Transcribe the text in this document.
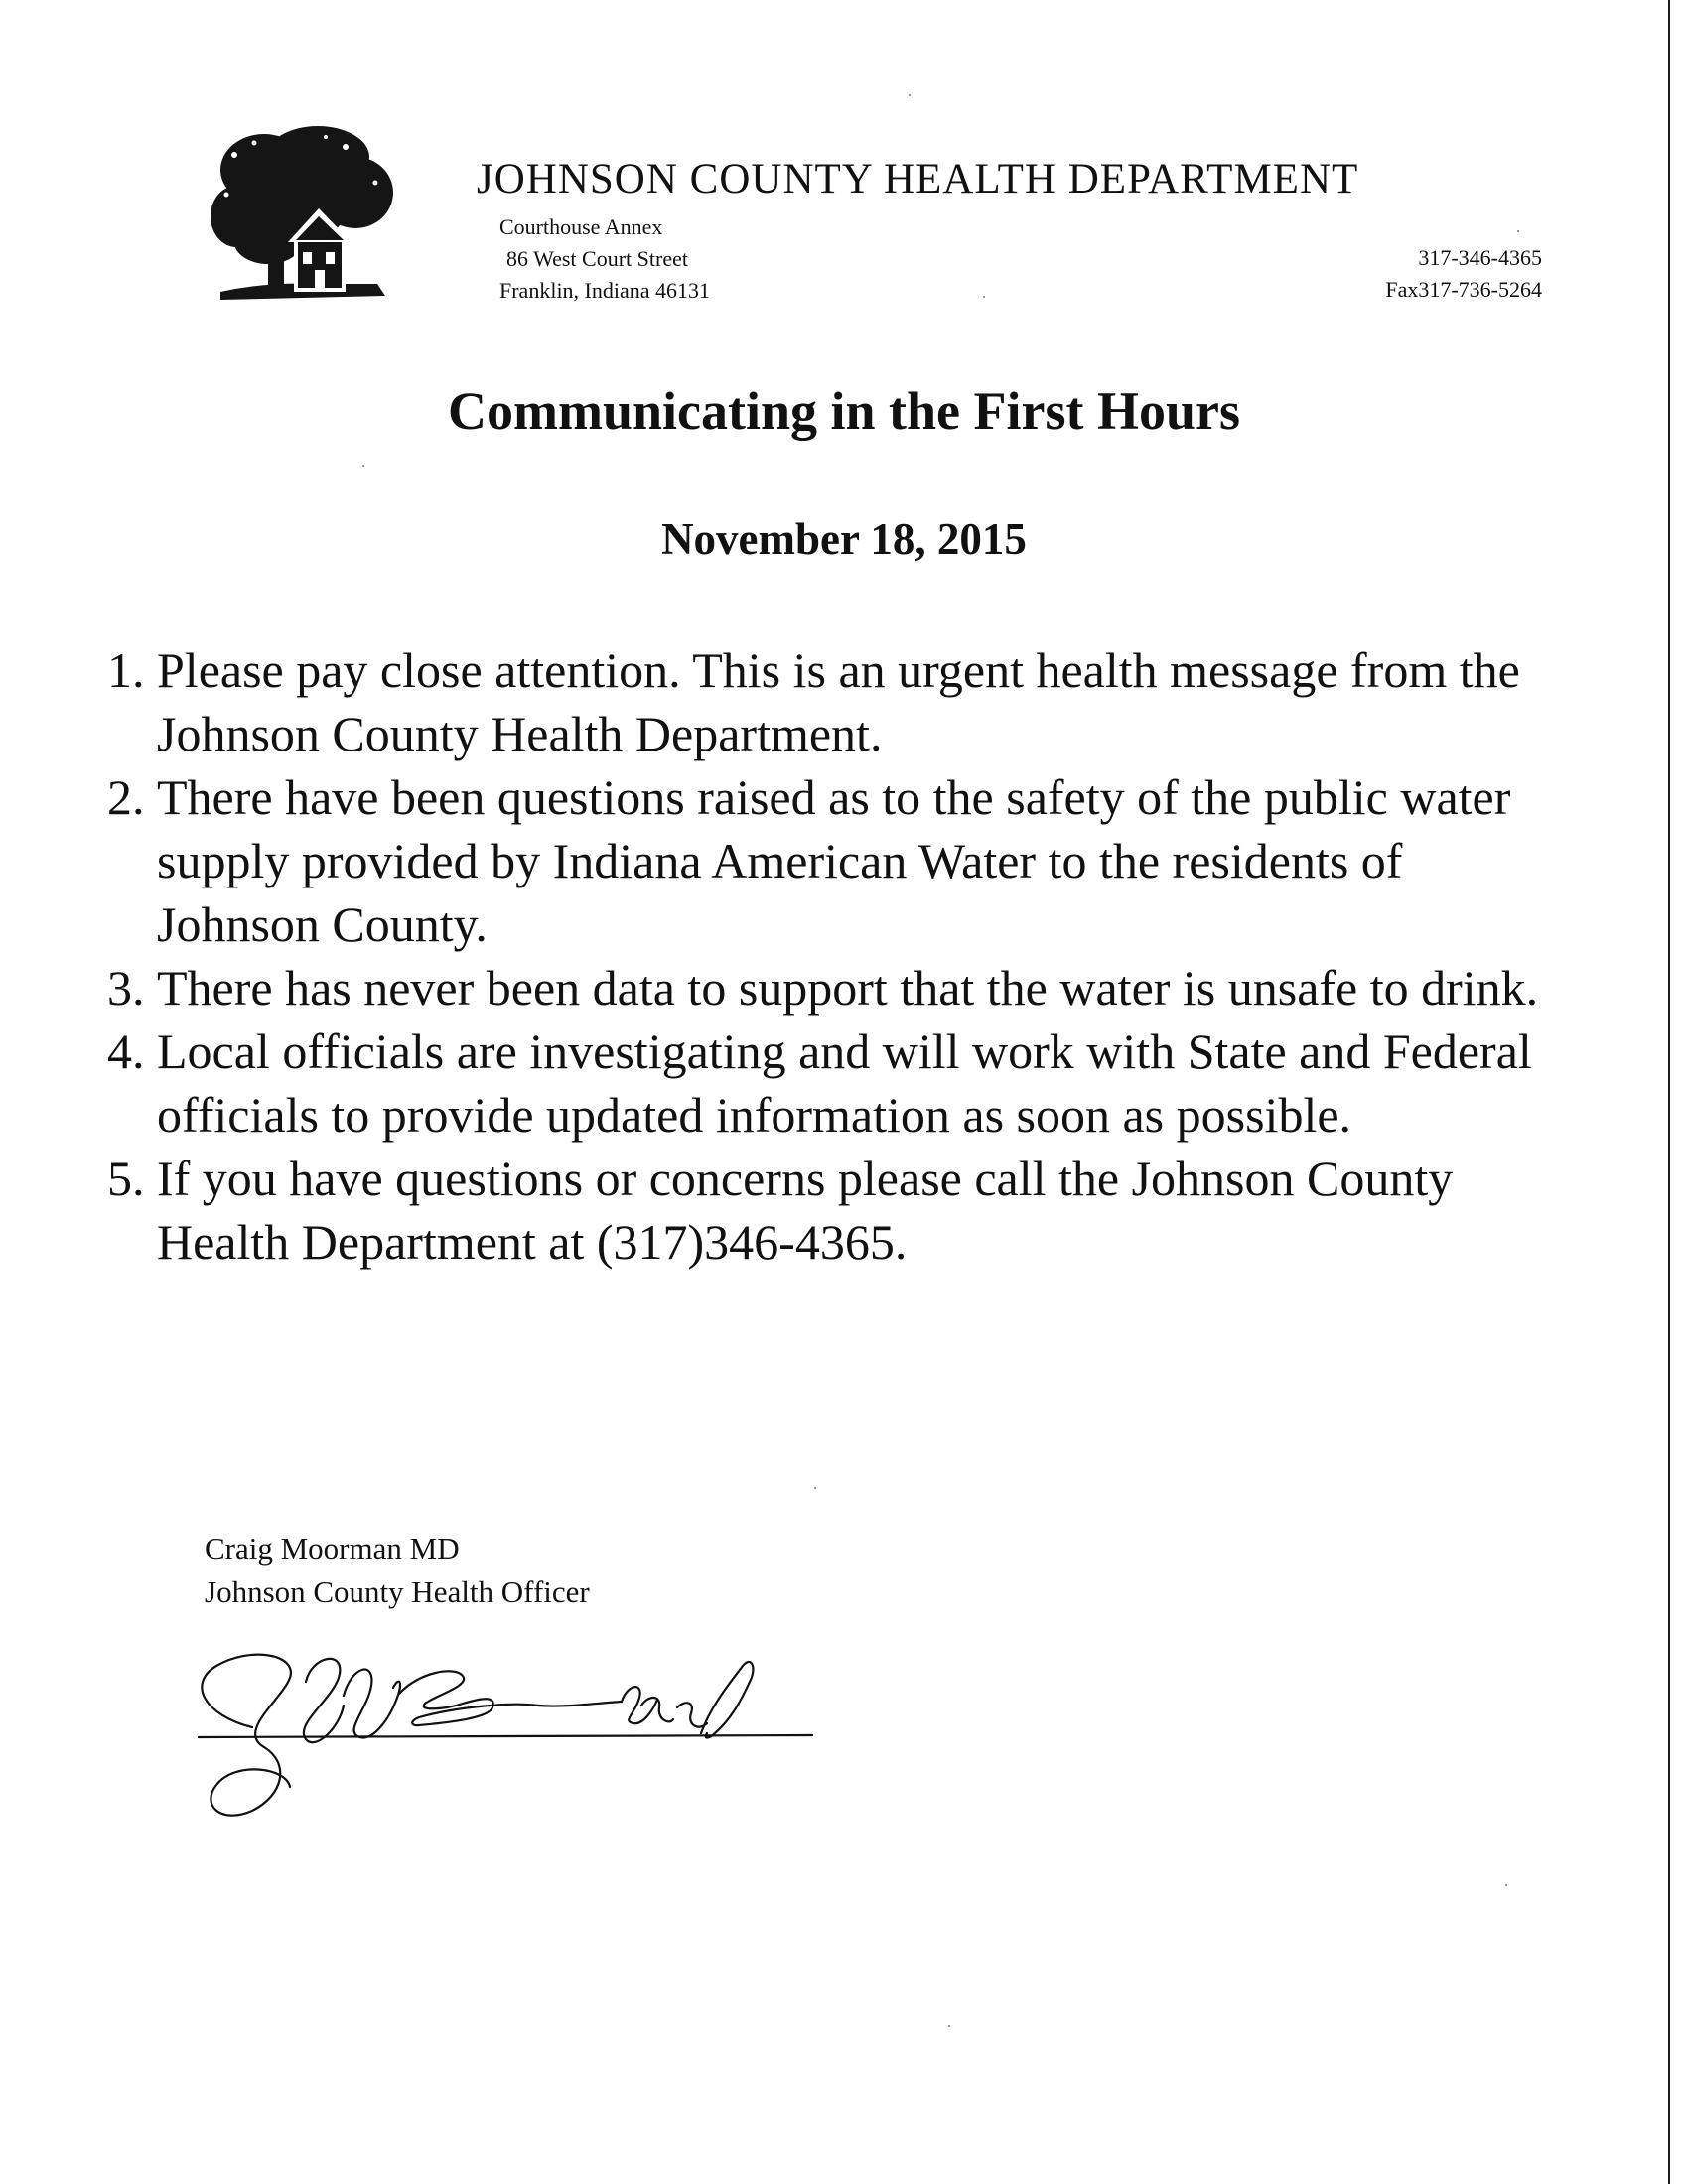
JOHNSON COUNTY HEALTH DEPARTMENT
Courthouse Annex
86 West Court Street
Franklin, Indiana 46131
317-346-4365
Fax317-736-5264
Communicating in the First Hours
November 18, 2015
1. Please pay close attention. This is an urgent health message from the Johnson County Health Department.
2. There have been questions raised as to the safety of the public water supply provided by Indiana American Water to the residents of Johnson County.
3. There has never been data to support that the water is unsafe to drink.
4. Local officials are investigating and will work with State and Federal officials to provide updated information as soon as possible.
5. If you have questions or concerns please call the Johnson County Health Department at (317)346-4365.
Craig Moorman MD
Johnson County Health Officer
